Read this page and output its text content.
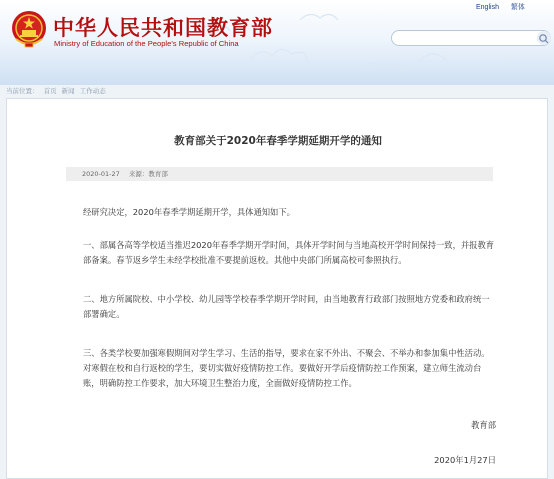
中华人民共和国教育部
Ministry of Education of the People's Republic of China
English 繁体
当前位置： 首页 新闻 工作动态
教育部关于2020年春季学期延期开学的通知
2020-01-27 来源：教育部
经研究决定，2020年春季学期延期开学，具体通知如下。
一、部属各高等学校适当推迟2020年春季学期开学时间，具体开学时间与当地高校开学时间保持一致，并报教育部备案。春节返乡学生未经学校批准不要提前返校。其他中央部门所属高校可参照执行。
二、地方所属院校、中小学校、幼儿园等学校春季学期开学时间，由当地教育行政部门按照地方党委和政府统一部署确定。
三、各类学校要加强寒假期间对学生学习、生活的指导，要求在家不外出、不聚会、不举办和参加集中性活动。对寒假在校和自行返校的学生，要切实做好疫情防控工作。要做好开学后疫情防控工作预案，建立师生流动台账，明确防控工作要求，加大环境卫生整治力度，全面做好疫情防控工作。
教育部
2020年1月27日
